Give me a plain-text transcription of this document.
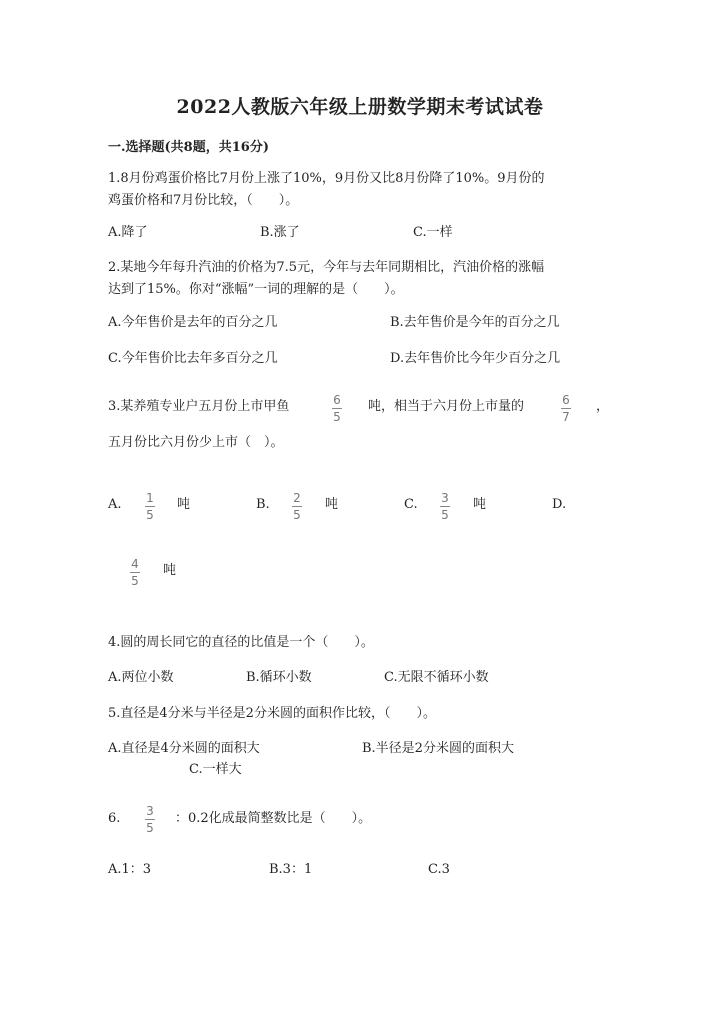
2022人教版六年级上册数学期末考试试卷
一.选择题(共8题，共16分)
1.8月份鸡蛋价格比7月份上涨了10%，9月份又比8月份降了10%。9月份的
鸡蛋价格和7月份比较，（　　）。
A.降了	B.涨了	C.一样
2.某地今年每升汽油的价格为7.5元，今年与去年同期相比，汽油价格的涨幅
达到了15%。你对“涨幅”一词的理解的是（　　）。
A.今年售价是去年的百分之几	B.去年售价是今年的百分之几
C.今年售价比去年多百分之几	D.去年售价比今年少百分之几
3.某养殖专业户五月份上市甲鱼	6
5
吨，相当于六月份上市量的	6
7
，
五月份比六月份少上市（　）。
A. 1
5
吨	B. 2
5
吨	C. 3
5
吨	D.
4
5
吨
4.圆的周长同它的直径的比值是一个（　　）。
A.两位小数	B.循环小数	C.无限不循环小数
5.直径是4分米与半径是2分米圆的面积作比较，（　　）。
A.直径是4分米圆的面积大	B.半径是2分米圆的面积大
C.一样大
6. 3
5
：0.2化成最简整数比是（　　）。
A.1：3	B.3：1	C.3
